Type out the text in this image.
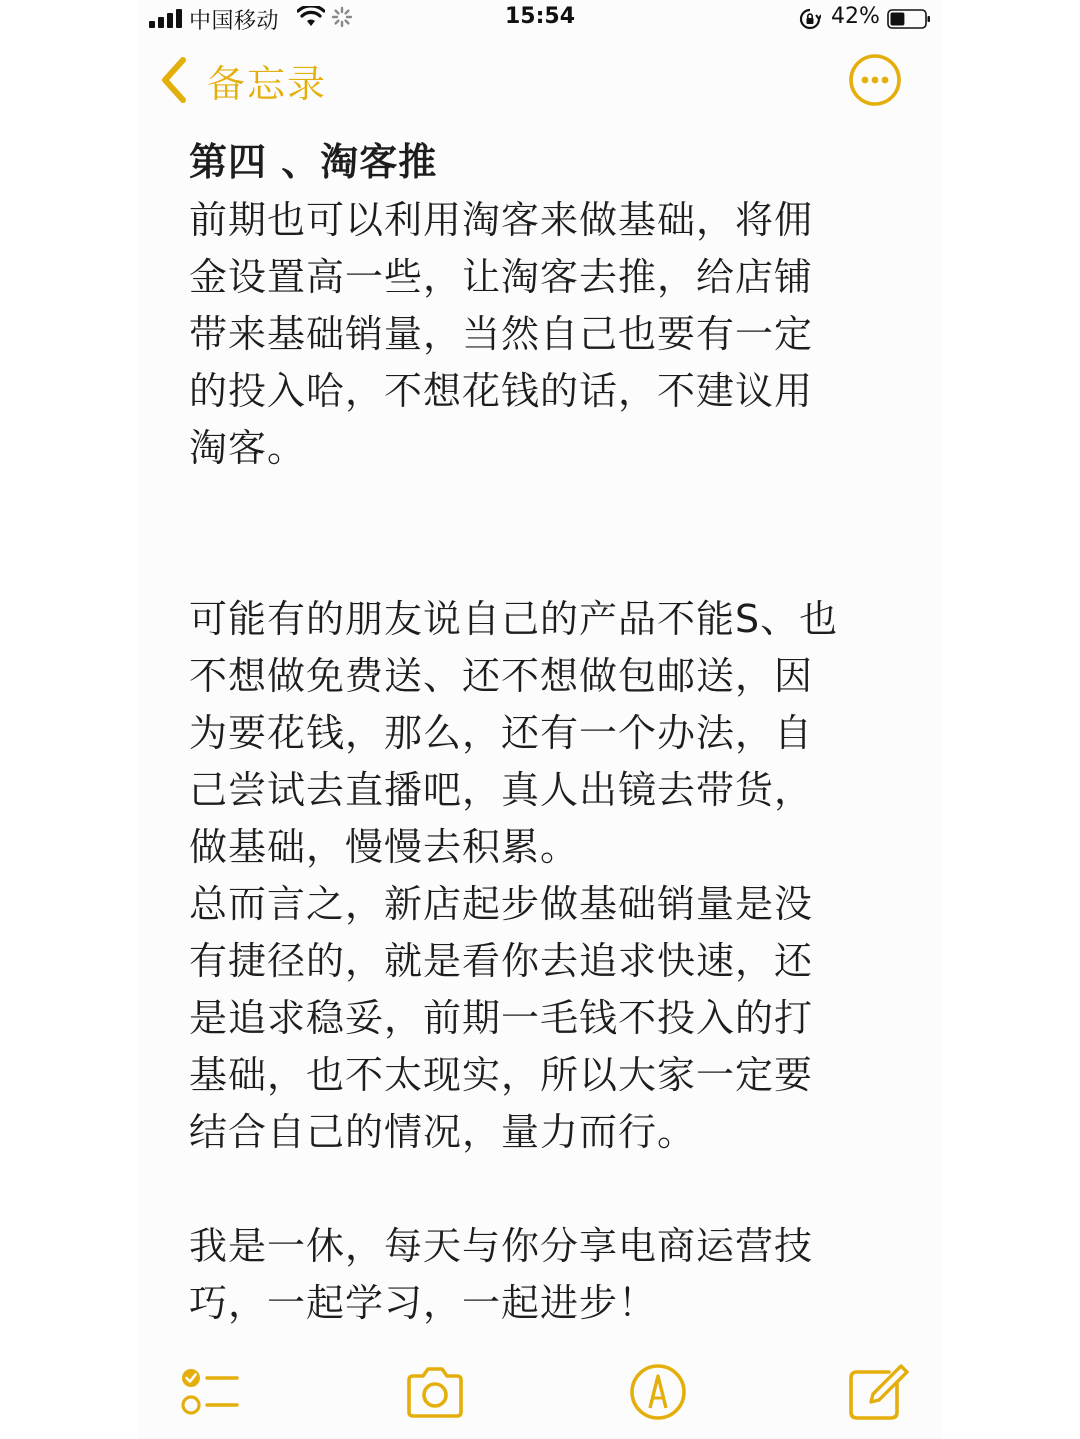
中国移动	15:54	42%
备忘录

第四 、淘客推

前期也可以利用淘客来做基础，将佣
金设置高一些，让淘客去推，给店铺
带来基础销量，当然自己也要有一定
的投入哈，不想花钱的话，不建议用
淘客。

可能有的朋友说自己的产品不能S、也
不想做免费送、还不想做包邮送，因
为要花钱，那么，还有一个办法，自
己尝试去直播吧，真人出镜去带货，
做基础，慢慢去积累。
总而言之，新店起步做基础销量是没
有捷径的，就是看你去追求快速，还
是追求稳妥，前期一毛钱不投入的打
基础，也不太现实，所以大家一定要
结合自己的情况，量力而行。

我是一休，每天与你分享电商运营技
巧，一起学习，一起进步！
